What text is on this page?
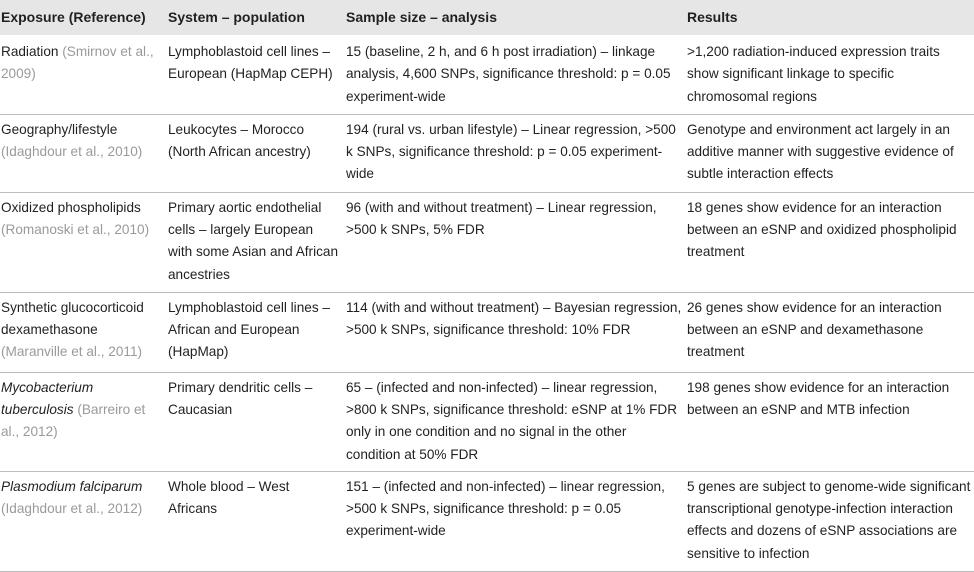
Exposure (Reference)	System – population	Sample size – analysis	Results
Radiation (Smirnov et al., 2009)	Lymphoblastoid cell lines – European (HapMap CEPH)	15 (baseline, 2 h, and 6 h post irradiation) – linkage analysis, 4,600 SNPs, significance threshold: p = 0.05 experiment-wide	>1,200 radiation-induced expression traits show significant linkage to specific chromosomal regions
Geography/lifestyle (Idaghdour et al., 2010)	Leukocytes – Morocco (North African ancestry)	194 (rural vs. urban lifestyle) – Linear regression, >500 k SNPs, significance threshold: p = 0.05 experiment-wide	Genotype and environment act largely in an additive manner with suggestive evidence of subtle interaction effects
Oxidized phospholipids (Romanoski et al., 2010)	Primary aortic endothelial cells – largely European with some Asian and African ancestries	96 (with and without treatment) – Linear regression, >500 k SNPs, 5% FDR	18 genes show evidence for an interaction between an eSNP and oxidized phospholipid treatment
Synthetic glucocorticoid dexamethasone (Maranville et al., 2011)	Lymphoblastoid cell lines – African and European (HapMap)	114 (with and without treatment) – Bayesian regression, >500 k SNPs, significance threshold: 10% FDR	26 genes show evidence for an interaction between an eSNP and dexamethasone treatment
Mycobacterium tuberculosis (Barreiro et al., 2012)	Primary dendritic cells – Caucasian	65 – (infected and non-infected) – linear regression, >800 k SNPs, significance threshold: eSNP at 1% FDR only in one condition and no signal in the other condition at 50% FDR	198 genes show evidence for an interaction between an eSNP and MTB infection
Plasmodium falciparum (Idaghdour et al., 2012)	Whole blood – West Africans	151 – (infected and non-infected) – linear regression, >500 k SNPs, significance threshold: p = 0.05 experiment-wide	5 genes are subject to genome-wide significant transcriptional genotype-infection interaction effects and dozens of eSNP associations are sensitive to infection
